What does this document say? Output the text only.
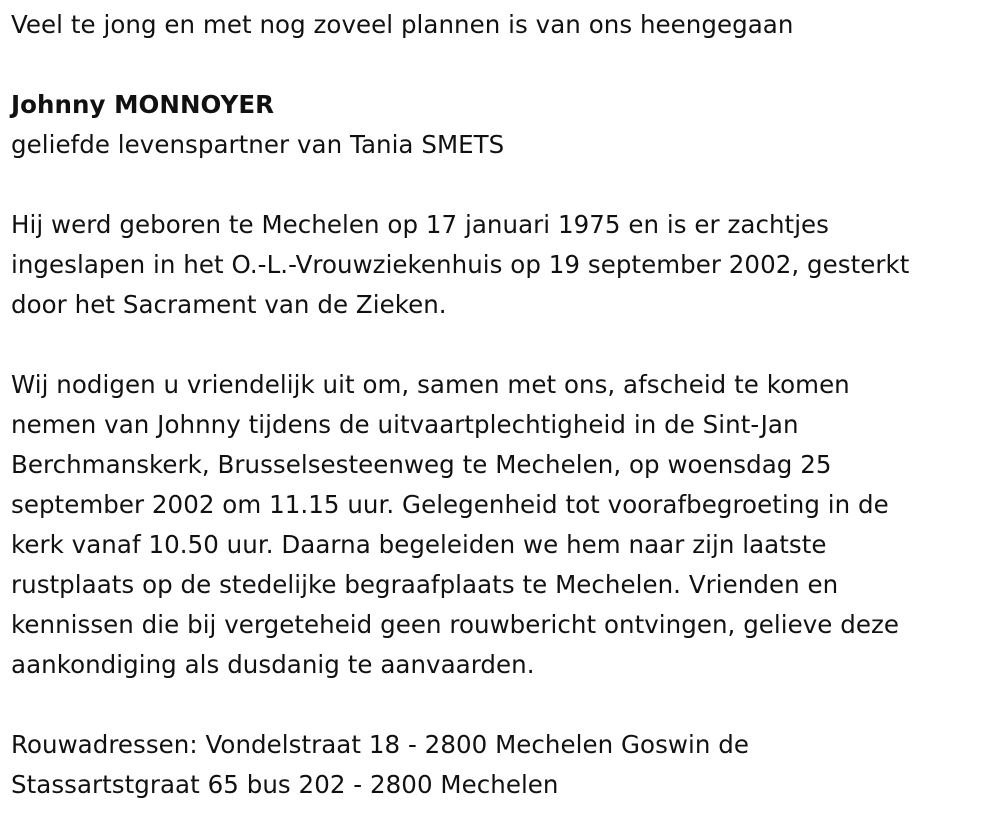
Veel te jong en met nog zoveel plannen is van ons heengegaan
Johnny MONNOYER
geliefde levenspartner van Tania SMETS
Hij werd geboren te Mechelen op 17 januari 1975 en is er zachtjes
ingeslapen in het O.-L.-Vrouwziekenhuis op 19 september 2002, gesterkt
door het Sacrament van de Zieken.
Wij nodigen u vriendelijk uit om, samen met ons, afscheid te komen
nemen van Johnny tijdens de uitvaartplechtigheid in de Sint-Jan
Berchmanskerk, Brusselsesteenweg te Mechelen, op woensdag 25
september 2002 om 11.15 uur. Gelegenheid tot voorafbegroeting in de
kerk vanaf 10.50 uur. Daarna begeleiden we hem naar zijn laatste
rustplaats op de stedelijke begraafplaats te Mechelen. Vrienden en
kennissen die bij vergeteheid geen rouwbericht ontvingen, gelieve deze
aankondiging als dusdanig te aanvaarden.
Rouwadressen: Vondelstraat 18 - 2800 Mechelen Goswin de
Stassartstgraat 65 bus 202 - 2800 Mechelen
